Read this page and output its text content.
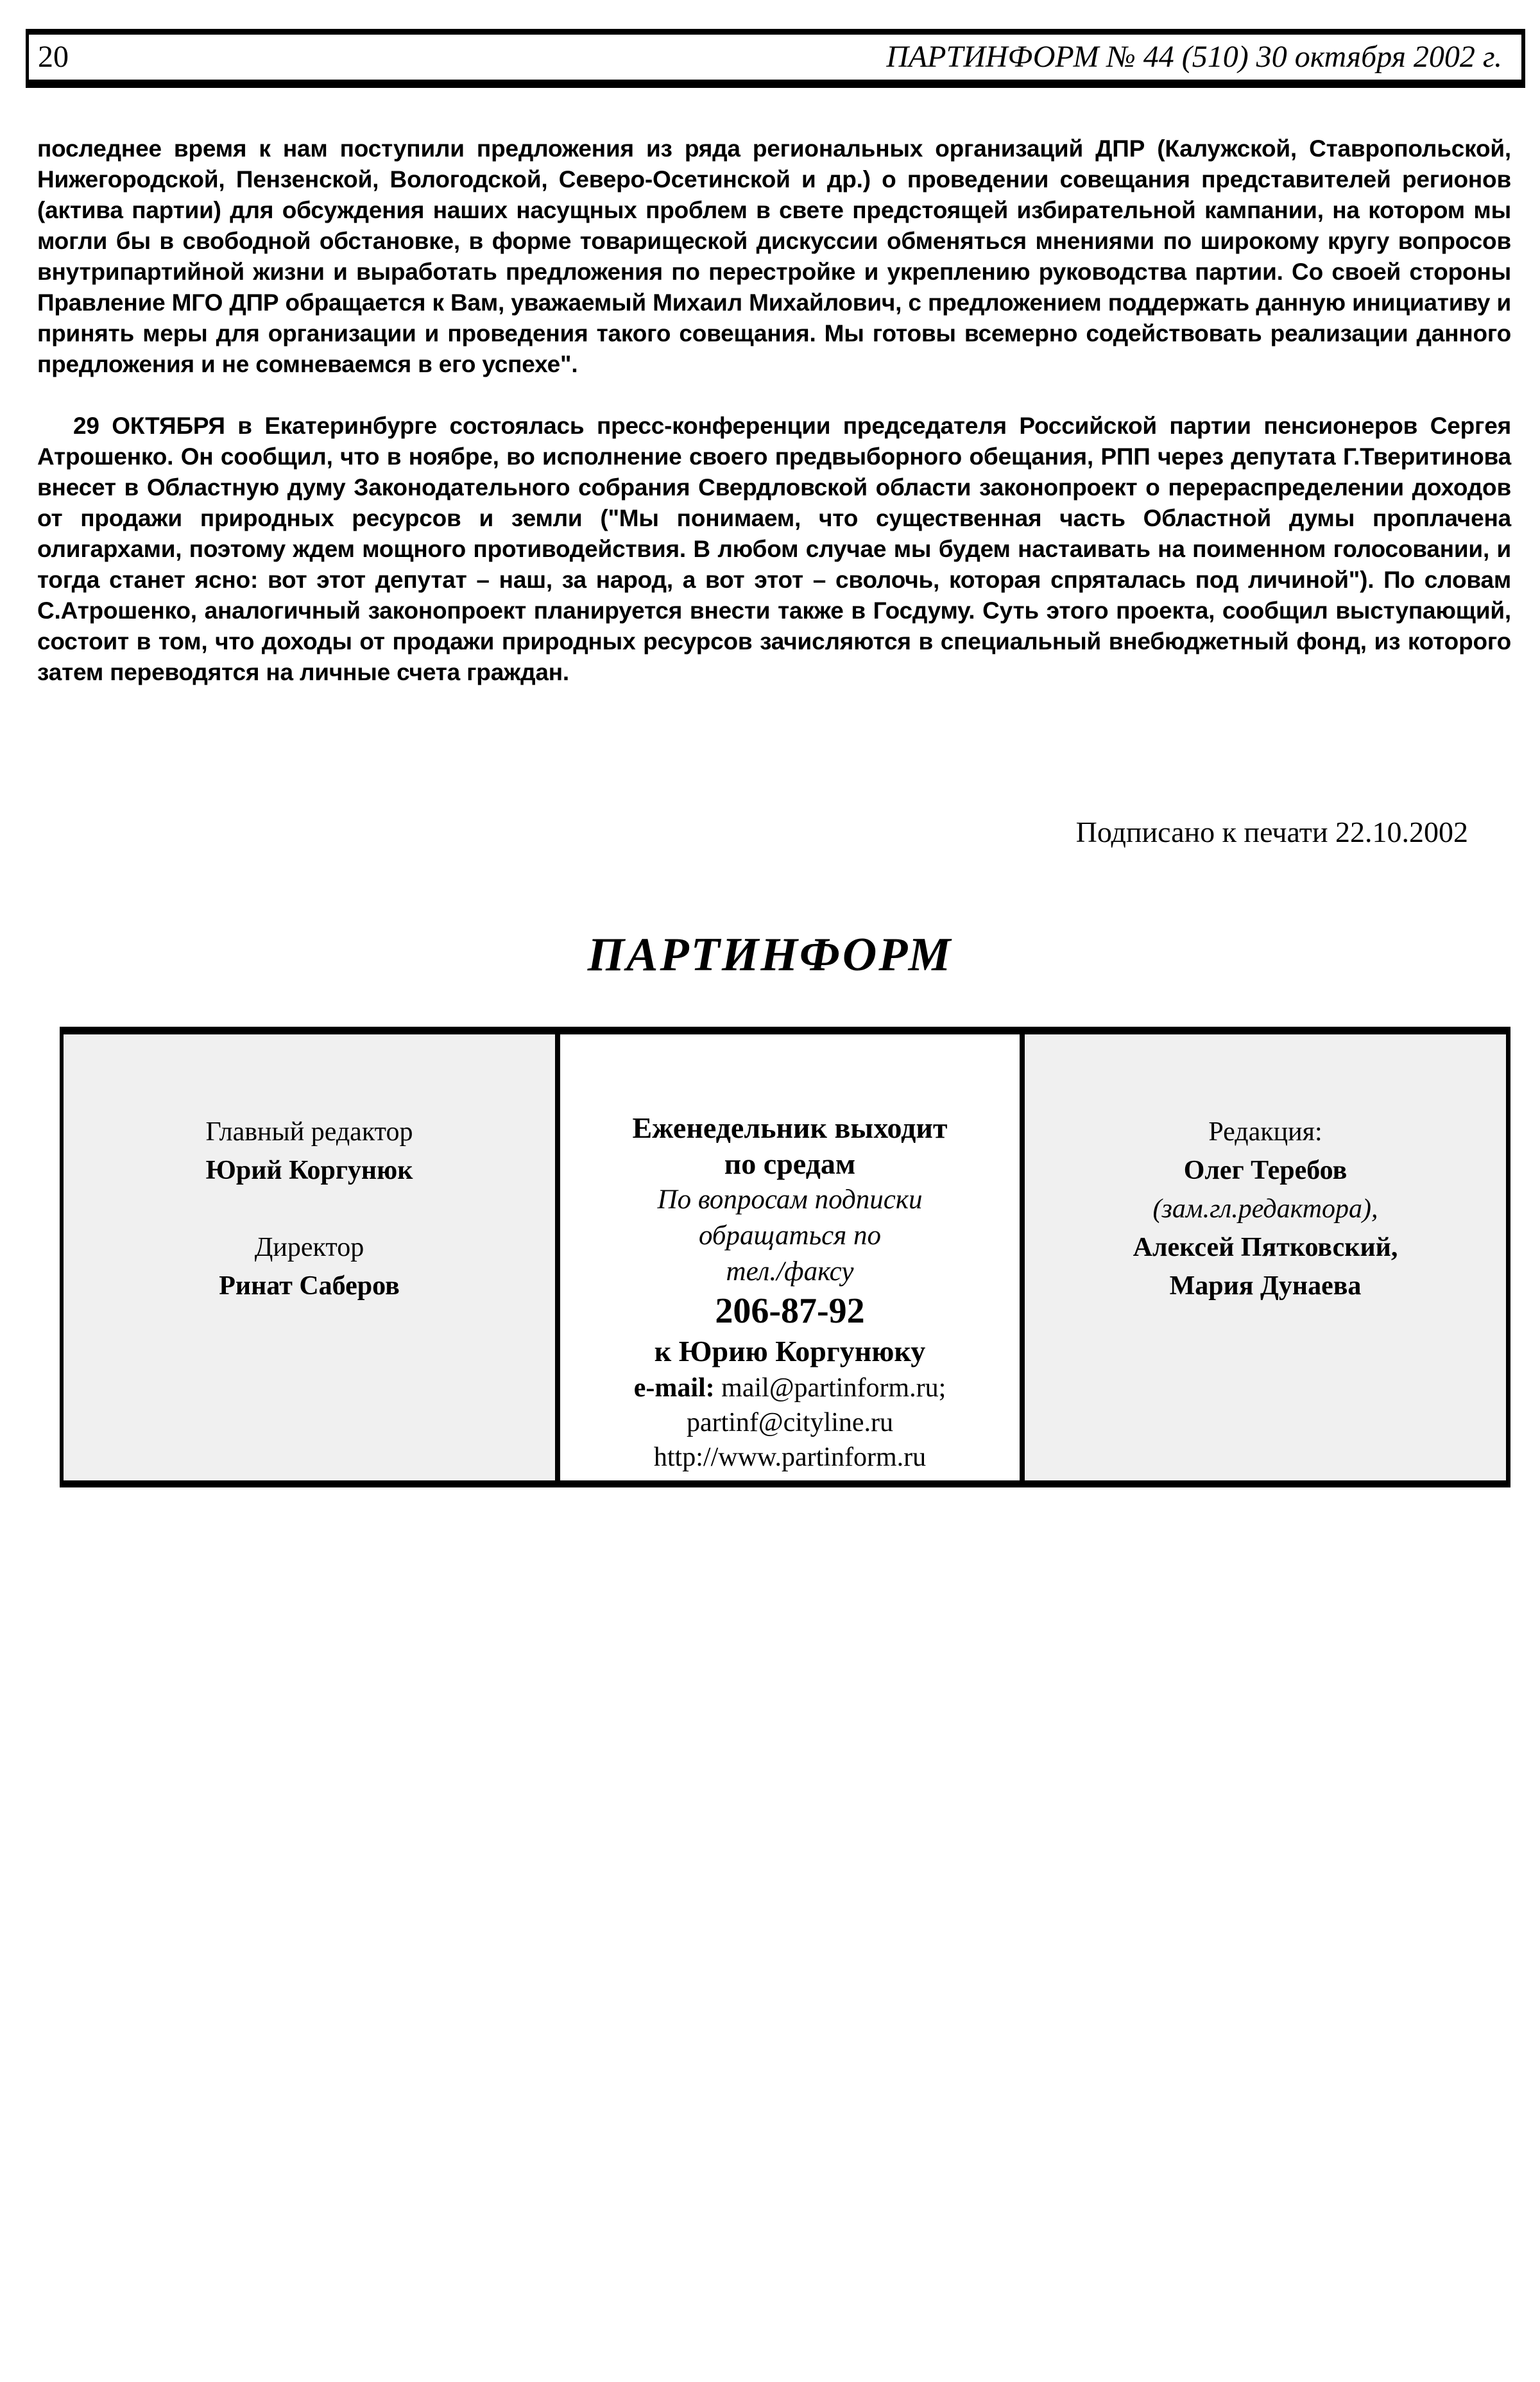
20	ПАРТИНФОРМ № 44 (510) 30 октября 2002 г.

последнее время к нам поступили предложения из ряда региональных организаций ДПР (Калужской, Ставропольской, Нижегородской, Пензенской, Вологодской, Северо-Осетинской и др.) о проведении совещания представителей регионов (актива партии) для обсуждения наших насущных проблем в свете предстоящей избирательной кампании, на котором мы могли бы в свободной обстановке, в форме товарищеской дискуссии обменяться мнениями по широкому кругу вопросов внутрипартийной жизни и выработать предложения по перестройке и укреплению руководства партии. Со своей стороны Правление МГО ДПР обращается к Вам, уважаемый Михаил Михайлович, с предложением поддержать данную инициативу и принять меры для организации и проведения такого совещания. Мы готовы всемерно содействовать реализации данного предложения и не сомневаемся в его успехе".

29 ОКТЯБРЯ в Екатеринбурге состоялась пресс-конференции председателя Российской партии пенсионеров Сергея Атрошенко. Он сообщил, что в ноябре, во исполнение своего предвыборного обещания, РПП через депутата Г.Тверитинова внесет в Областную думу Законодательного собрания Свердловской области законопроект о перераспределении доходов от продажи природных ресурсов и земли ("Мы понимаем, что существенная часть Областной думы проплачена олигархами, поэтому ждем мощного противодействия. В любом случае мы будем настаивать на поименном голосовании, и тогда станет ясно: вот этот депутат – наш, за народ, а вот этот – сволочь, которая спряталась под личиной"). По словам С.Атрошенко, аналогичный законопроект планируется внести также в Госдуму. Суть этого проекта, сообщил выступающий, состоит в том, что доходы от продажи природных ресурсов зачисляются в специальный внебюджетный фонд, из которого затем переводятся на личные счета граждан.

Подписано к печати 22.10.2002
ПАРТИНФОРМ
Главный редактор
Юрий Коргунюк
Директор
Ринат Саберов
Еженедельник выходит
по средам
По вопросам подписки
обращаться по
тел./факсу
206-87-92
к Юрию Коргунюку
e-mail: mail@partinform.ru;
partinf@cityline.ru
http://www.partinform.ru
Редакция:
Олег Теребов
(зам.гл.редактора),
Алексей Пятковский,
Мария Дунаева
